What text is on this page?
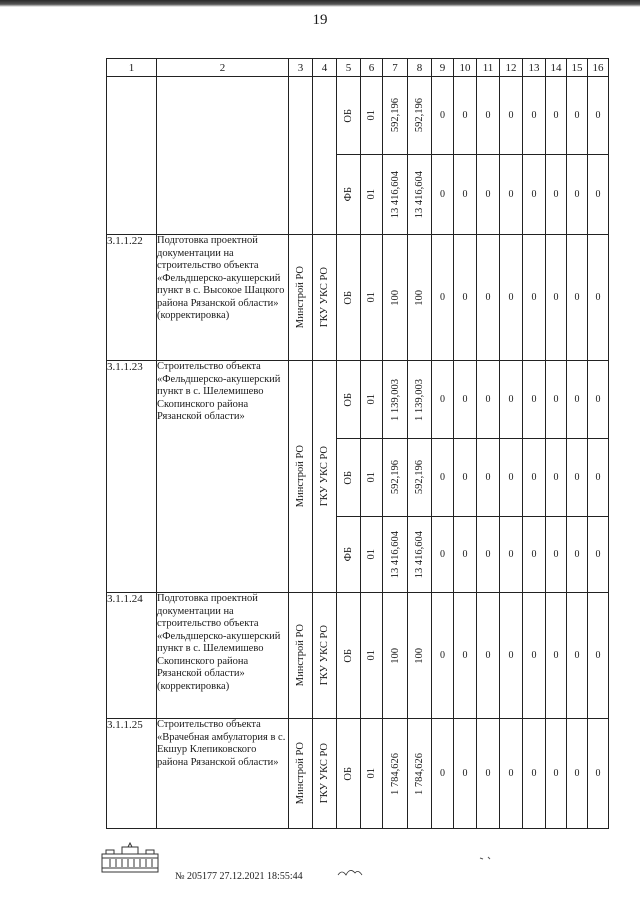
19
1	2	3	4	5	6	7	8	9	10	11	12	13	14	15	16

				ОБ	01	592,196	592,196	0	0	0	0	0	0	0	0

				ФБ	01	13 416,604	13 416,604	0	0	0	0	0	0	0	0
3.1.1.22	Подготовка проектной документации на строительство объекта «Фельдшерско-акушерский пункт в с. Высокое Шацкого района Рязанской области» (корректировка)	Минстрой РО	ГКУ УКС РО	ОБ	01	100	100	0	0	0	0	0	0	0	0
3.1.1.23	Строительство объекта «Фельдшерско-акушерский пункт в с. Шелемишево Скопинского района Рязанской области»	Минстрой РО	ГКУ УКС РО	ОБ	01	1 139,003	1 139,003	0	0	0	0	0	0	0	0

				ОБ	01	592,196	592,196	0	0	0	0	0	0	0	0

				ФБ	01	13 416,604	13 416,604	0	0	0	0	0	0	0	0
3.1.1.24	Подготовка проектной документации на строительство объекта «Фельдшерско-акушерский пункт в с. Шелемишево Скопинского района Рязанской области» (корректировка)	Минстрой РО	ГКУ УКС РО	ОБ	01	100	100	0	0	0	0	0	0	0	0
3.1.1.25	Строительство объекта «Врачебная амбулатория в с. Екшур Клепиковского района Рязанской области»	Минстрой РО	ГКУ УКС РО	ОБ	01	1 784,626	1 784,626	0	0	0	0	0	0	0	0
№ 205177 27.12.2021 18:55:44
